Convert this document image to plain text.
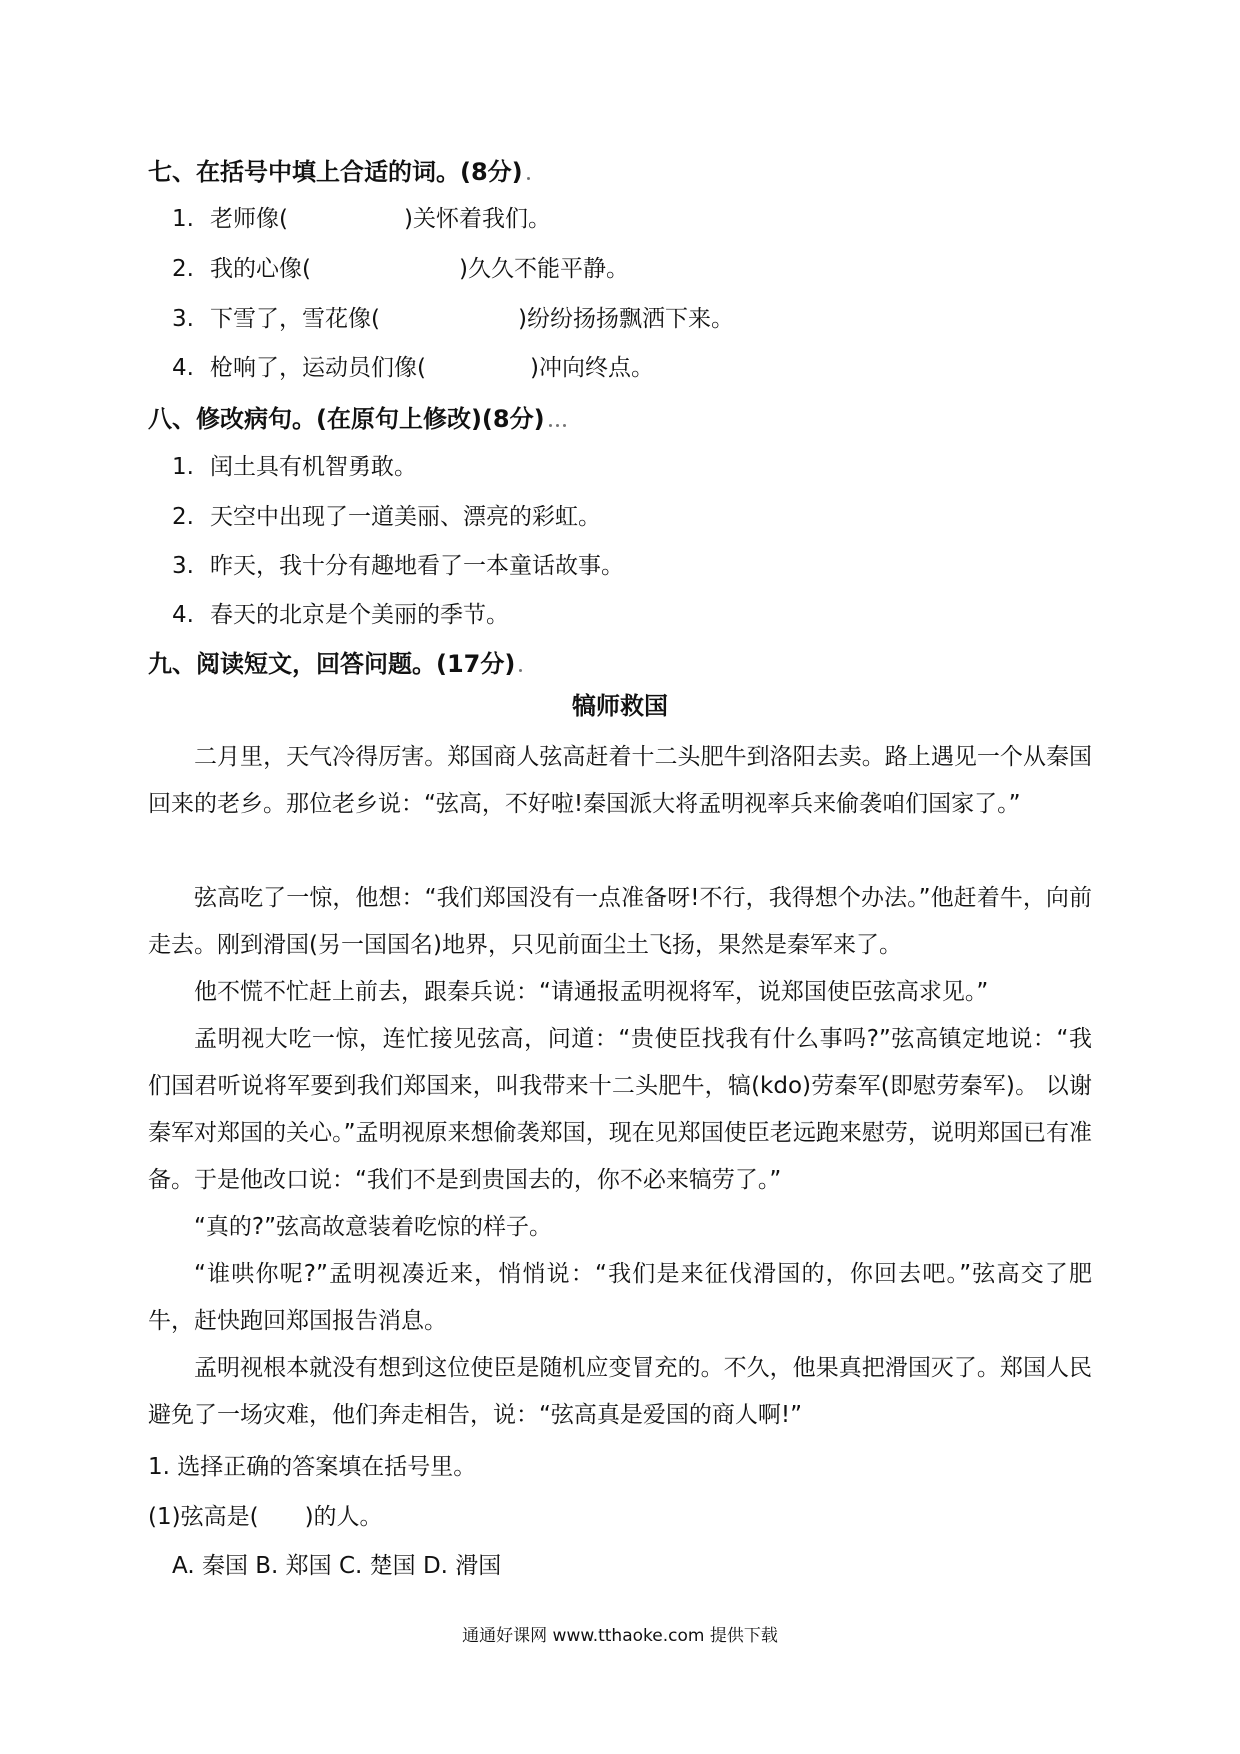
七、在括号中填上合适的词。(8分)
1. 老师像(	)关怀着我们。
2. 我的心像(	)久久不能平静。
3. 下雪了，雪花像(	)纷纷扬扬飘洒下来。
4. 枪响了，运动员们像(	)冲向终点。
八、修改病句。(在原句上修改)(8分)
1. 闰土具有机智勇敢。
2. 天空中出现了一道美丽、漂亮的彩虹。
3. 昨天，我十分有趣地看了一本童话故事。
4. 春天的北京是个美丽的季节。
九、阅读短文，回答问题。(17分)
犒师救国

二月里，天气冷得厉害。郑国商人弦高赶着十二头肥牛到洛阳去卖。路上遇见一个从秦国回来的老乡。那位老乡说：“弦高，不好啦!秦国派大将孟明视率兵来偷袭咱们国家了。”

弦高吃了一惊，他想：“我们郑国没有一点准备呀!不行，我得想个办法。”他赶着牛，向前走去。刚到滑国(另一国国名)地界，只见前面尘土飞扬，果然是秦军来了。

他不慌不忙赶上前去，跟秦兵说：“请通报孟明视将军，说郑国使臣弦高求见。”

孟明视大吃一惊，连忙接见弦高，问道：“贵使臣找我有什么事吗?”弦高镇定地说：“我们国君听说将军要到我们郑国来，叫我带来十二头肥牛，犒(kdo)劳秦军(即慰劳秦军)。 以谢秦军对郑国的关心。”孟明视原来想偷袭郑国，现在见郑国使臣老远跑来慰劳，说明郑国已有准备。于是他改口说：“我们不是到贵国去的，你不必来犒劳了。”

“真的?”弦高故意装着吃惊的样子。

“谁哄你呢?”孟明视凑近来，悄悄说：“我们是来征伐滑国的，你回去吧。”弦高交了肥牛，赶快跑回郑国报告消息。

孟明视根本就没有想到这位使臣是随机应变冒充的。不久，他果真把滑国灭了。郑国人民避免了一场灾难，他们奔走相告，说：“弦高真是爱国的商人啊!”

1. 选择正确的答案填在括号里。
(1)弦高是( )的人。
A. 秦国 B. 郑国 C. 楚国 D. 滑国
通通好课网 www.tthaoke.com 提供下载
